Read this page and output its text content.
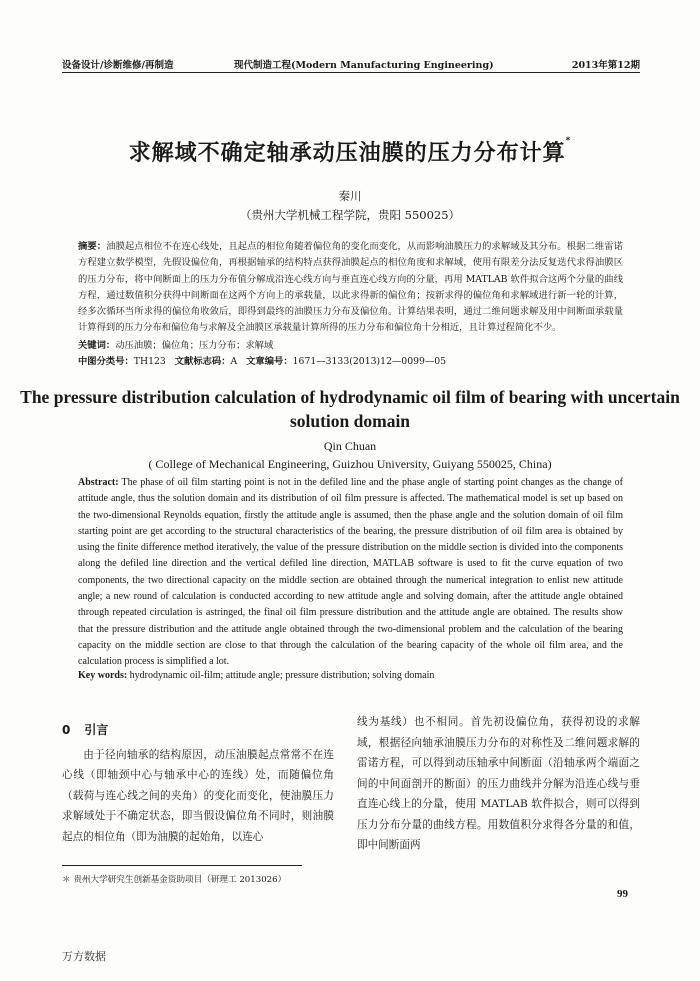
设备设计/诊断维修/再制造	现代制造工程(Modern Manufacturing Engineering)	2013年第12期
求解域不确定轴承动压油膜的压力分布计算*
秦川
（贵州大学机械工程学院，贵阳 550025）
摘要：油膜起点相位不在连心线处，且起点的相位角随着偏位角的变化而变化，从而影响油膜压力的求解域及其分布。根据二维雷诺方程建立数学模型，先假设偏位角，再根据轴承的结构特点获得油膜起点的相位角度和求解域，使用有限差分法反复迭代求得油膜区的压力分布，将中间断面上的压力分布值分解成沿连心线方向与垂直连心线方向的分量，再用 MATLAB 软件拟合这两个分量的曲线方程，通过数值积分获得中间断面在这两个方向上的承载量，以此求得新的偏位角；按新求得的偏位角和求解域进行新一轮的计算，经多次循环当所求得的偏位角收敛后，即得到最终的油膜压力分布及偏位角。计算结果表明，通过二维问题求解及用中间断面承载量计算得到的压力分布和偏位角与求解及全油膜区承载量计算所得的压力分布和偏位角十分相近，且计算过程简化不少。
关键词：动压油膜；偏位角；压力分布；求解域
中图分类号：TH123 文献标志码：A 文章编号：1671—3133(2013)12—0099—05
The pressure distribution calculation of hydrodynamic oil film of bearing with uncertain solution domain
Qin Chuan
( College of Mechanical Engineering, Guizhou University, Guiyang 550025, China)
Abstract: The phase of oil film starting point is not in the defiled line and the phase angle of starting point changes as the change of attitude angle, thus the solution domain and its distribution of oil film pressure is affected. The mathematical model is set up based on the two-dimensional Reynolds equation, firstly the attitude angle is assumed, then the phase angle and the solution domain of oil film starting point are get according to the structural characteristics of the bearing, the pressure distribution of oil film area is obtained by using the finite difference method iteratively, the value of the pressure distribution on the middle section is divided into the components along the defiled line direction and the vertical defiled line direction, MATLAB software is used to fit the curve equation of two components, the two directional capacity on the middle section are obtained through the numerical integration to enlist new attitude angle; a new round of calculation is conducted according to new attitude angle and solving domain, after the attitude angle obtained through repeated circulation is astringed, the final oil film pressure distribution and the attitude angle are obtained. The results show that the pressure distribution and the attitude angle obtained through the two-dimensional problem and the calculation of the bearing capacity on the middle section are close to that through the calculation of the bearing capacity of the whole oil film area, and the calculation process is simplified a lot.
Key words: hydrodynamic oil-film; attitude angle; pressure distribution; solving domain
0 引言

由于径向轴承的结构原因，动压油膜起点常常不在连心线（即轴颈中心与轴承中心的连线）处，而随偏位角（载荷与连心线之间的夹角）的变化而变化，使油膜压力求解域处于不确定状态，即当假设偏位角不同时，则油膜起点的相位角（即为油膜的起始角，以连心

线为基线）也不相同。首先初设偏位角，获得初设的求解域，根据径向轴承油膜压力分布的对称性及二维问题求解的雷诺方程，可以得到动压轴承中间断面（沿轴承两个端面之间的中间面剖开的断面）的压力曲线并分解为沿连心线与垂直连心线上的分量，使用 MATLAB 软件拟合，则可以得到压力分布分量的曲线方程。用数值积分求得各分量的和值，即中间断面两

＊ 贵州大学研究生创新基金资助项目（研理工 2013026）
99
万方数据
